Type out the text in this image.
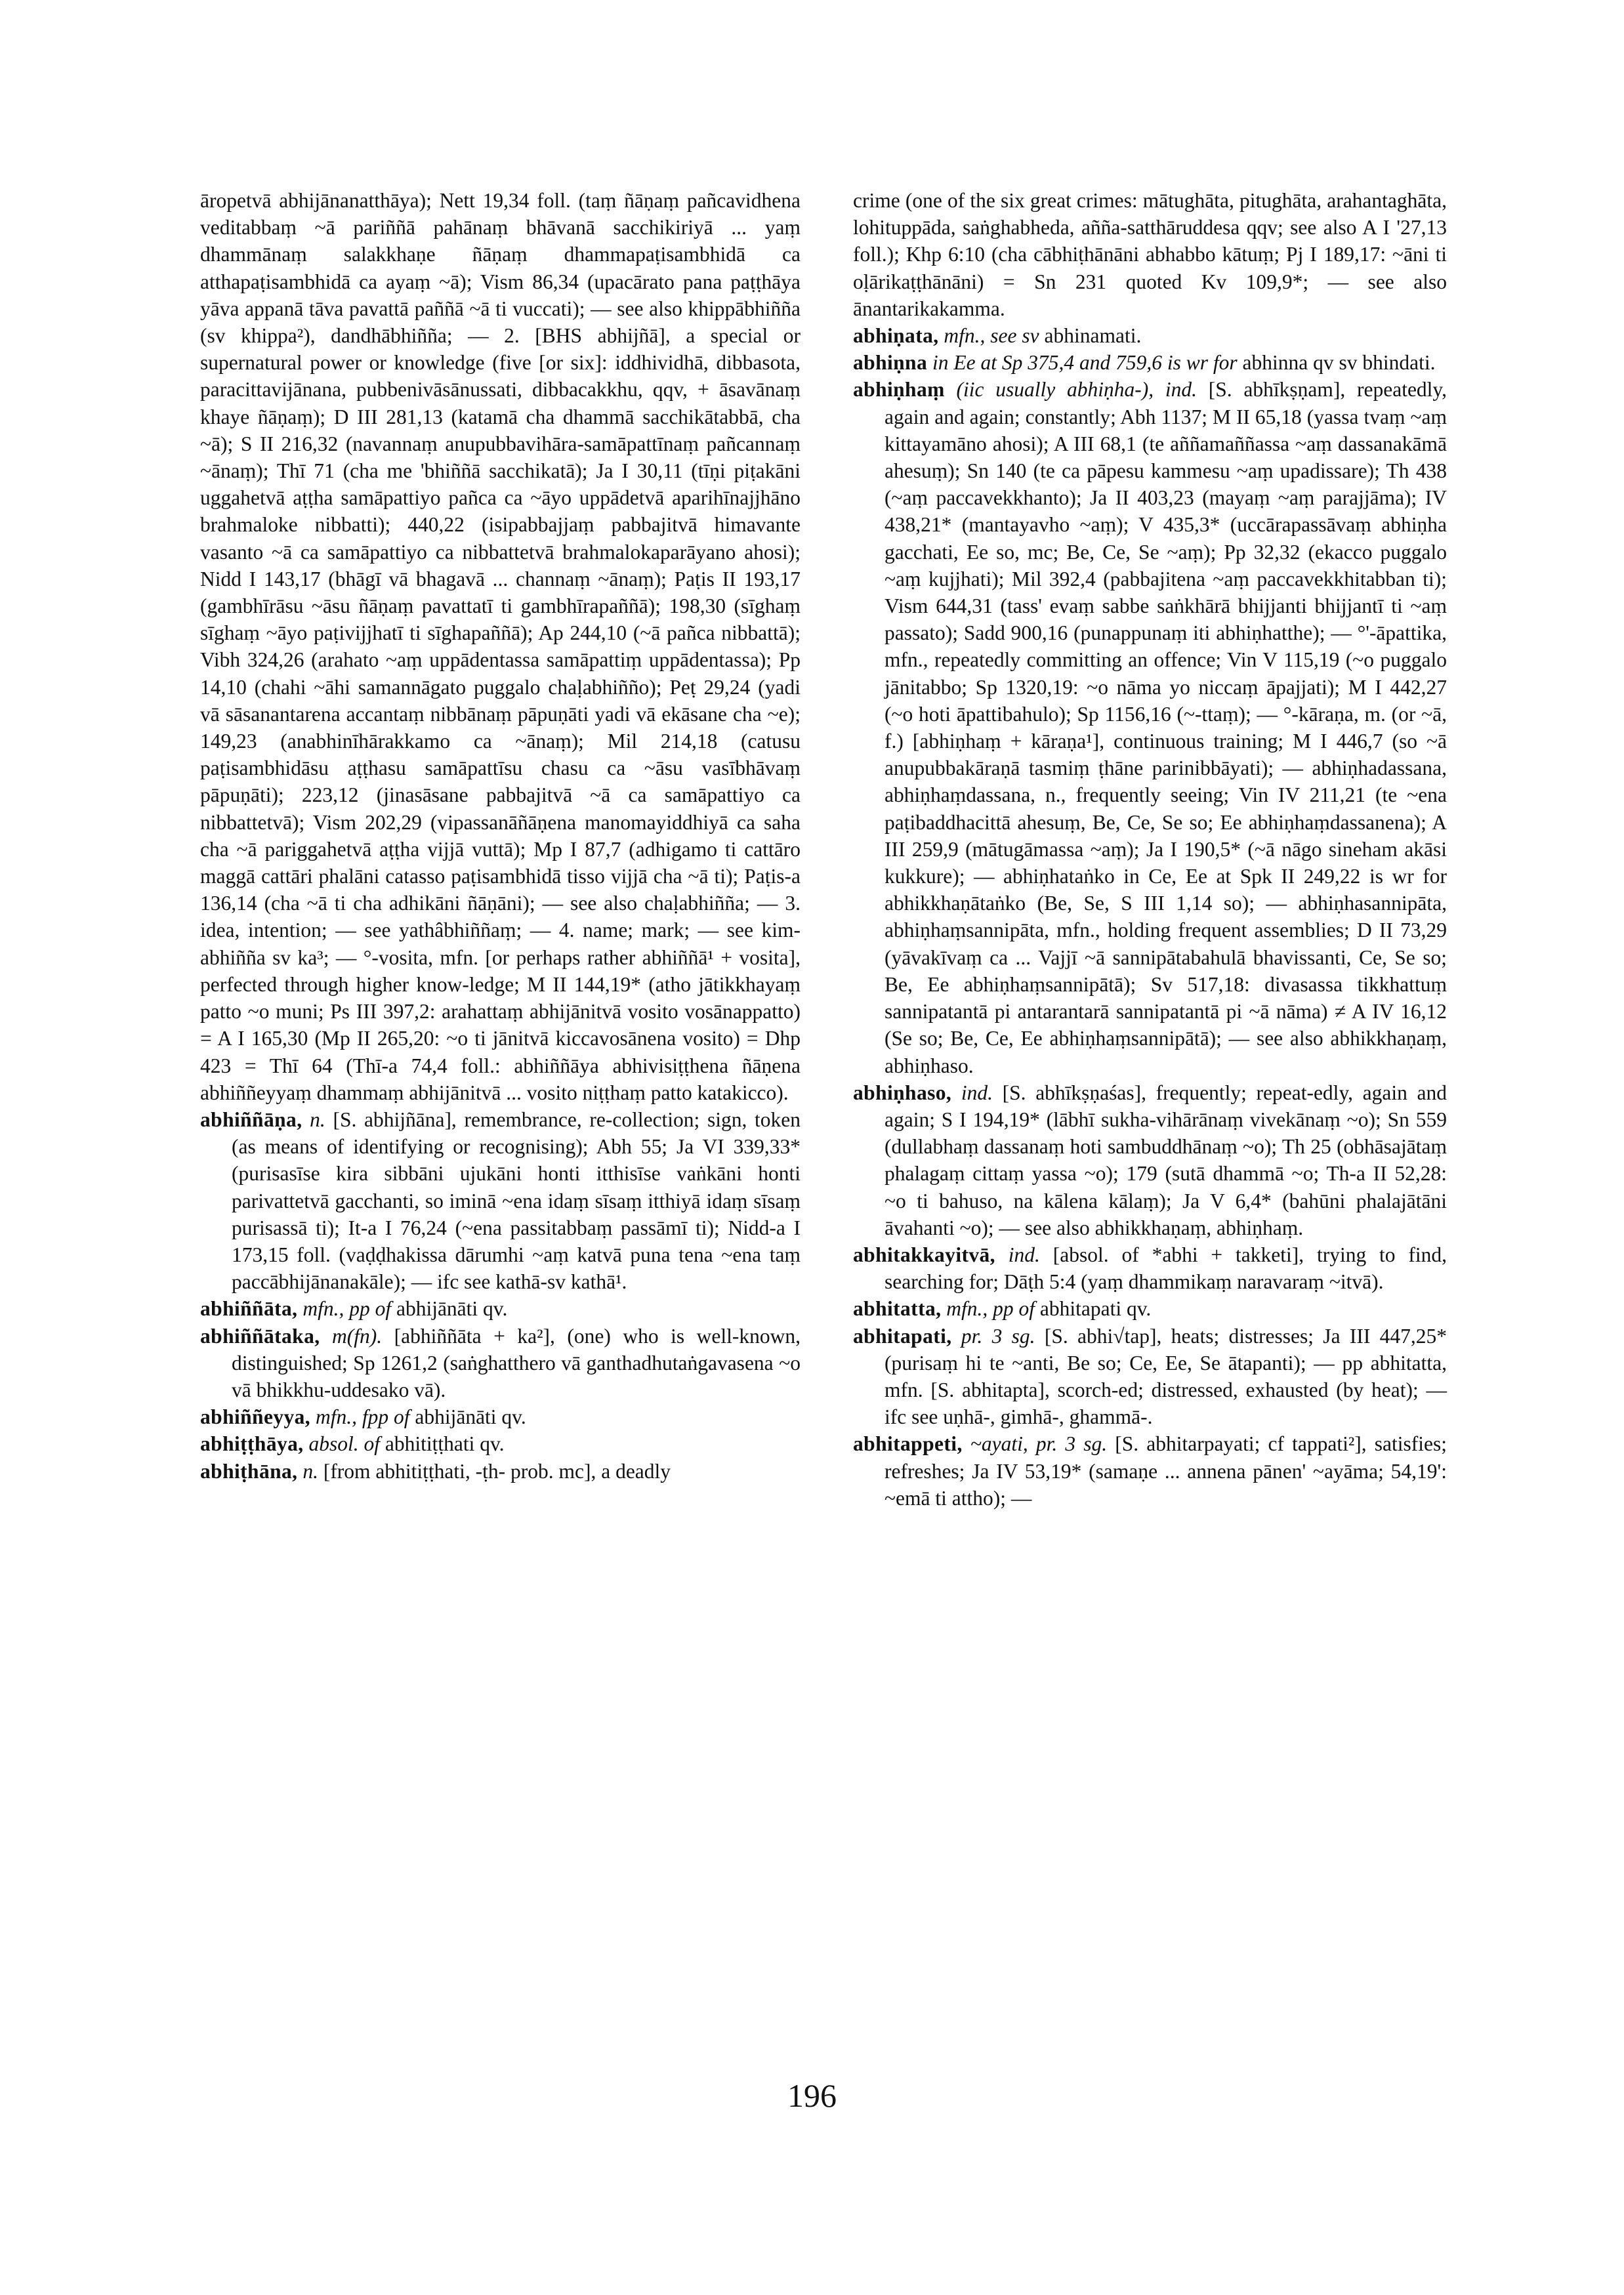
āropetvā abhijānanatthāya); Nett 19,34 foll. (taṃ ñāṇaṃ pañcavidhena veditabbaṃ ~ā pariññā pahānaṃ bhāvanā sacchikiriyā ... yaṃ dhammānaṃ salakkhaṇe ñāṇaṃ dhammapaṭisambhidā ca atthapaṭisambhidā ca ayaṃ ~ā); Vism 86,34 (upacārato pana paṭṭhāya yāva appanā tāva pavattā paññā ~ā ti vuccati); — see also khippābhiñña (sv khippa²), dandhābhiñña; — 2. [BHS abhijñā], a special or supernatural power or knowledge (five [or six]: iddhividhā, dibbasota, paracittavijānana, pubbenivāsānussati, dibbacakkhu, qqv, + āsavānaṃ khaye ñāṇaṃ); D III 281,13 (katamā cha dhammā sacchikātabbā, cha ~ā); S II 216,32 (navannaṃ anupubbavihāra-samāpattīnaṃ pañcannaṃ ~ānaṃ); Thī 71 (cha me 'bhiññā sacchikatā); Ja I 30,11 (tīṇi piṭakāni uggahetvā aṭṭha samāpattiyo pañca ca ~āyo uppādetvā aparihīnajjhāno brahmaloke nibbatti); 440,22 (isipabbajjaṃ pabbajitvā himavante vasanto ~ā ca samāpattiyo ca nibbattetvā brahmalokaparāyano ahosi); Nidd I 143,17 (bhāgī vā bhagavā ... channaṃ ~ānaṃ); Paṭis II 193,17 (gambhīrāsu ~āsu ñāṇaṃ pavattatī ti gambhīrapaññā); 198,30 (sīghaṃ sīghaṃ ~āyo paṭivijjhatī ti sīghapaññā); Ap 244,10 (~ā pañca nibbattā); Vibh 324,26 (arahato ~aṃ uppādentassa samāpattiṃ uppādentassa); Pp 14,10 (chahi ~āhi samannāgato puggalo chaḷabhiñño); Peṭ 29,24 (yadi vā sāsanantarena accantaṃ nibbānaṃ pāpuṇāti yadi vā ekāsane cha ~e); 149,23 (anabhinīhārakkamo ca ~ānaṃ); Mil 214,18 (catusu paṭisambhidāsu aṭṭhasu samāpattīsu chasu ca ~āsu vasībhāvaṃ pāpuṇāti); 223,12 (jinasāsane pabbajitvā ~ā ca samāpattiyo ca nibbattetvā); Vism 202,29 (vipassanāñāṇena manomayiddhiyā ca saha cha ~ā pariggahetvā aṭṭha vijjā vuttā); Mp I 87,7 (adhigamo ti cattāro maggā cattāri phalāni catasso paṭisambhidā tisso vijjā cha ~ā ti); Paṭis-a 136,14 (cha ~ā ti cha adhikāni ñāṇāni); — see also chaḷabhiñña; — 3. idea, intention; — see yathâbhiññaṃ; — 4. name; mark; — see kim-abhiñña sv ka³; — °-vosita, mfn. [or perhaps rather abhiññā¹ + vosita], perfected through higher know-ledge; M II 144,19* (atho jātikkhayaṃ patto ~o muni; Ps III 397,2: arahattaṃ abhijānitvā vosito vosānappatto) = A I 165,30 (Mp II 265,20: ~o ti jānitvā kiccavosānena vosito) = Dhp 423 = Thī 64 (Thī-a 74,4 foll.: abhiññāya abhivisiṭṭhena ñāṇena abhiññeyyaṃ dhammaṃ abhijānitvā ... vosito niṭṭhaṃ patto katakicco).

abhiññāṇa, n. [S. abhijñāna], remembrance, re-collection; sign, token (as means of identifying or recognising); Abh 55; Ja VI 339,33* (purisasīse kira sibbāni ujukāni honti itthisīse vaṅkāni honti parivattetvā gacchanti, so iminā ~ena idaṃ sīsaṃ itthiyā idaṃ sīsaṃ purisassā ti); It-a I 76,24 (~ena passitabbaṃ passāmī ti); Nidd-a I 173,15 foll. (vaḍḍhakissa dārumhi ~aṃ katvā puna tena ~ena taṃ paccābhijānanakāle); — ifc see kathā-sv kathā¹.

abhiññāta, mfn., pp of abhijānāti qv.

abhiññātaka, m(fn). [abhiññāta + ka²], (one) who is well-known, distinguished; Sp 1261,2 (saṅghatthero vā ganthadhutaṅgavasena ~o vā bhikkhu-uddesako vā).

abhiññeyya, mfn., fpp of abhijānāti qv.

abhiṭṭhāya, absol. of abhitiṭṭhati qv.

abhiṭhāna, n. [from abhitiṭṭhati, -ṭh- prob. mc], a deadly

crime (one of the six great crimes: mātughāta, pitughāta, arahantaghāta, lohituppāda, saṅghabheda, añña-satthāruddesa qqv; see also A I '27,13 foll.); Khp 6:10 (cha cābhiṭhānāni abhabbo kātuṃ; Pj I 189,17: ~āni ti oḷārikaṭṭhānāni) = Sn 231 quoted Kv 109,9*; — see also ānantarikakamma.

abhiṇata, mfn., see sv abhinamati.

abhiṇna in Ee at Sp 375,4 and 759,6 is wr for abhinna qv sv bhindati.

abhiṇhaṃ (iic usually abhiṇha-), ind. [S. abhīkṣṇam], repeatedly, again and again; constantly; Abh 1137; M II 65,18 (yassa tvaṃ ~aṃ kittayamāno ahosi); A III 68,1 (te aññamaññassa ~aṃ dassanakāmā ahesuṃ); Sn 140 (te ca pāpesu kammesu ~aṃ upadissare); Th 438 (~aṃ paccavekkhanto); Ja II 403,23 (mayaṃ ~aṃ parajjāma); IV 438,21* (mantayavho ~aṃ); V 435,3* (uccārapassāvaṃ abhiṇha gacchati, Ee so, mc; Be, Ce, Se ~aṃ); Pp 32,32 (ekacco puggalo ~aṃ kujjhati); Mil 392,4 (pabbajitena ~aṃ paccavekkhitabban ti); Vism 644,31 (tass' evaṃ sabbe saṅkhārā bhijjanti bhijjantī ti ~aṃ passato); Sadd 900,16 (punappunaṃ iti abhiṇhatthe); — °'-āpattika, mfn., repeatedly committing an offence; Vin V 115,19 (~o puggalo jānitabbo; Sp 1320,19: ~o nāma yo niccaṃ āpajjati); M I 442,27 (~o hoti āpattibahulo); Sp 1156,16 (~-ttaṃ); — °-kāraṇa, m. (or ~ā, f.) [abhiṇhaṃ + kāraṇa¹], continuous training; M I 446,7 (so ~ā anupubbakāraṇā tasmiṃ ṭhāne parinibbāyati); — abhiṇhadassana, abhiṇhaṃdassana, n., frequently seeing; Vin IV 211,21 (te ~ena paṭibaddhacittā ahesuṃ, Be, Ce, Se so; Ee abhiṇhaṃdassanena); A III 259,9 (mātugāmassa ~aṃ); Ja I 190,5* (~ā nāgo sineham akāsi kukkure); — abhiṇhataṅko in Ce, Ee at Spk II 249,22 is wr for abhikkhaṇātaṅko (Be, Se, S III 1,14 so); — abhiṇhasannipāta, abhiṇhaṃsannipāta, mfn., holding frequent assemblies; D II 73,29 (yāvakīvaṃ ca ... Vajjī ~ā sannipātabahulā bhavissanti, Ce, Se so; Be, Ee abhiṇhaṃsannipātā); Sv 517,18: divasassa tikkhattuṃ sannipatantā pi antarantarā sannipatantā pi ~ā nāma) ≠ A IV 16,12 (Se so; Be, Ce, Ee abhiṇhaṃsannipātā); — see also abhikkhaṇaṃ, abhiṇhaso.

abhiṇhaso, ind. [S. abhīkṣṇaśas], frequently; repeat-edly, again and again; S I 194,19* (lābhī sukha-vihārānaṃ vivekānaṃ ~o); Sn 559 (dullabhaṃ dassanaṃ hoti sambuddhānaṃ ~o); Th 25 (obhāsajātaṃ phalagaṃ cittaṃ yassa ~o); 179 (sutā dhammā ~o; Th-a II 52,28: ~o ti bahuso, na kālena kālaṃ); Ja V 6,4* (bahūni phalajātāni āvahanti ~o); — see also abhikkhaṇaṃ, abhiṇhaṃ.

abhitakkayitvā, ind. [absol. of *abhi + takketi], trying to find, searching for; Dāṭh 5:4 (yaṃ dhammikaṃ naravaraṃ ~itvā).

abhitatta, mfn., pp of abhitapati qv.

abhitapati, pr. 3 sg. [S. abhi√tap], heats; distresses; Ja III 447,25* (purisaṃ hi te ~anti, Be so; Ce, Ee, Se ātapanti); — pp abhitatta, mfn. [S. abhitapta], scorch-ed; distressed, exhausted (by heat); — ifc see uṇhā-, gimhā-, ghammā-.

abhitappeti, ~ayati, pr. 3 sg. [S. abhitarpayati; cf tappati²], satisfies; refreshes; Ja IV 53,19* (samaṇe ... annena pānen' ~ayāma; 54,19': ~emā ti attho); —

196
